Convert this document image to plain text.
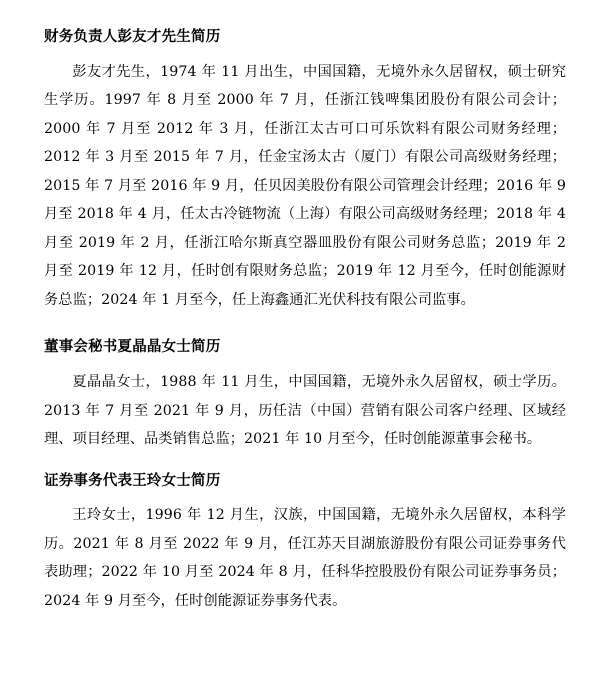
财务负责人彭友才先生简历

彭友才先生，1974 年 11 月出生，中国国籍，无境外永久居留权，硕士研究生学历。1997 年 8 月至 2000 年 7 月，任浙江钱啤集团股份有限公司会计；2000 年 7 月至 2012 年 3 月，任浙江太古可口可乐饮料有限公司财务经理；2012 年 3 月至 2015 年 7 月，任金宝汤太古（厦门）有限公司高级财务经理；2015 年 7 月至 2016 年 9 月，任贝因美股份有限公司管理会计经理；2016 年 9 月至 2018 年 4 月，任太古冷链物流（上海）有限公司高级财务经理；2018 年 4 月至 2019 年 2 月，任浙江哈尔斯真空器皿股份有限公司财务总监；2019 年 2 月至 2019 年 12 月，任时创有限财务总监；2019 年 12 月至今，任时创能源财务总监；2024 年 1 月至今，任上海鑫通汇光伏科技有限公司监事。

董事会秘书夏晶晶女士简历

夏晶晶女士，1988 年 11 月生，中国国籍，无境外永久居留权，硕士学历。2013 年 7 月至 2021 年 9 月，历任洁（中国）营销有限公司客户经理、区域经理、项目经理、品类销售总监；2021 年 10 月至今，任时创能源董事会秘书。

证券事务代表王玲女士简历

王玲女士，1996 年 12 月生，汉族，中国国籍，无境外永久居留权，本科学历。2021 年 8 月至 2022 年 9 月，任江苏天目湖旅游股份有限公司证券事务代表助理；2022 年 10 月至 2024 年 8 月，任科华控股股份有限公司证券事务员；2024 年 9 月至今，任时创能源证券事务代表。
